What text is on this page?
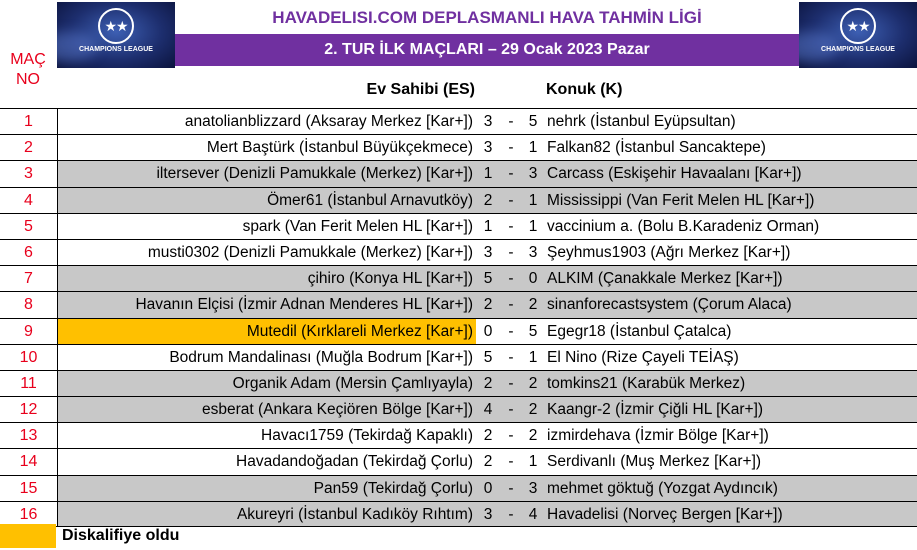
★★
CHAMPIONS LEAGUE
HAVADELISI.COM DEPLASMANLI HAVA TAHMİN LİGİ
2. TUR İLK MAÇLARI – 29 Ocak 2023 Pazar
★★
CHAMPIONS LEAGUE
MAÇ NO
Ev Sahibi (ES)	Konuk (K)
1	anatolianblizzard (Aksaray Merkez [Kar+]) 3	- 5 nehrk (İstanbul Eyüpsultan)
2	Mert Baştürk (İstanbul Büyükçekmece) 3	- 1 Falkan82 (İstanbul Sancaktepe)
3	iltersever (Denizli Pamukkale (Merkez) [Kar+]) 1	- 3 Carcass (Eskişehir Havaalanı [Kar+])
4	Ömer61 (İstanbul Arnavutköy) 2	- 1 Mississippi (Van Ferit Melen HL [Kar+])
5	spark (Van Ferit Melen HL [Kar+]) 1	- 1 vaccinium a. (Bolu B.Karadeniz Orman)
6	musti0302 (Denizli Pamukkale (Merkez) [Kar+]) 3	- 3 Şeyhmus1903 (Ağrı Merkez [Kar+])
7	çihiro (Konya HL [Kar+]) 5	- 0 ALKIM (Çanakkale Merkez [Kar+])
8	Havanın Elçisi (İzmir Adnan Menderes HL [Kar+]) 2	- 2 sinanforecastsystem (Çorum Alaca)
9	Mutedil (Kırklareli Merkez [Kar+]) 0	- 5 Egegr18 (İstanbul Çatalca)
10	Bodrum Mandalinası (Muğla Bodrum [Kar+]) 5	- 1 El Nino (Rize Çayeli TEİAŞ)
11	Organik Adam (Mersin Çamlıyayla) 2	- 2 tomkins21 (Karabük Merkez)
12	esberat (Ankara Keçiören Bölge [Kar+]) 4	- 2 Kaangr-2 (İzmir Çiğli HL [Kar+])
13	Havacı1759 (Tekirdağ Kapaklı) 2	- 2 izmirdehava (İzmir Bölge [Kar+])
14	Havadandoğadan (Tekirdağ Çorlu) 2	- 1 Serdivanlı (Muş Merkez [Kar+])
15	Pan59 (Tekirdağ Çorlu) 0	- 3 mehmet göktuğ (Yozgat Aydıncık)
16	Akureyri (İstanbul Kadıköy Rıhtım) 3	- 4 Havadelisi (Norveç Bergen [Kar+])
Diskalifiye oldu
